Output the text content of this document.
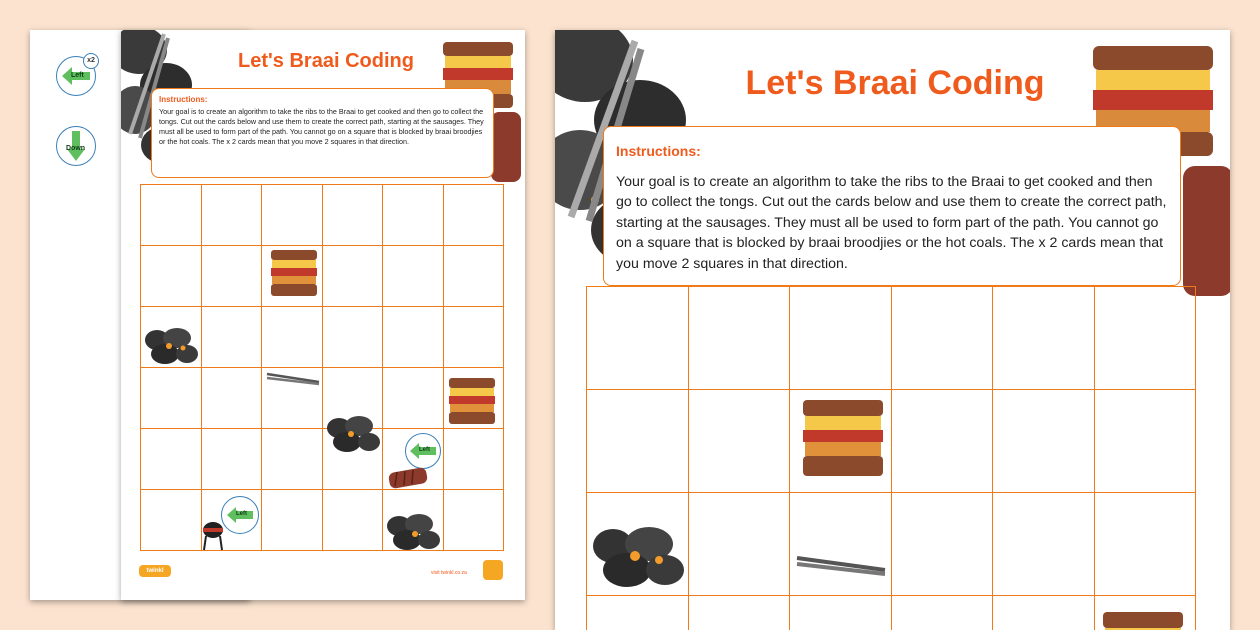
Left
x2
Down
Let's Braai Coding
Instructions:
Your goal is to create an algorithm to take the ribs to the Braai to get cooked and then go to collect the tongs. Cut out the cards below and use them to create the correct path, starting at the sausages. They must all be used to form part of the path. You cannot go on a square that is blocked by braai broodjies or the hot coals. The x 2 cards mean that you move 2 squares in that direction.
Left
Left
twinkl	visit twinkl.co.za
Let's Braai Coding
Instructions:
Your goal is to create an algorithm to take the ribs to the Braai to get cooked and then go to collect the tongs. Cut out the cards below and use them to create the correct path, starting at the sausages. They must all be used to form part of the path. You cannot go on a square that is blocked by braai broodjies or the hot coals. The x 2 cards mean that you move 2 squares in that direction.
